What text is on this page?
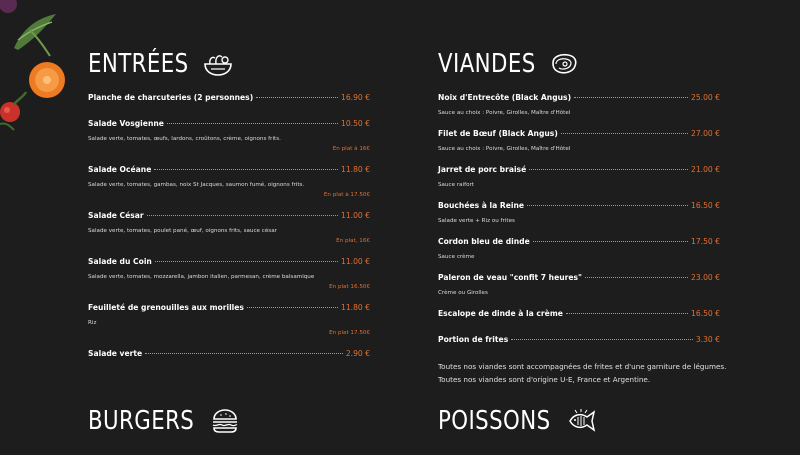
ENTRÉES
Planche de charcuteries (2 personnes)	16.90 €
Salade Vosgienne	10.50 €
Salade verte, tomates, œufs, lardons, croûtons, crème, oignons frits.
En plat à 16€
Salade Océane	11.80 €
Salade verte, tomates, gambas, noix St Jacques, saumon fumé, oignons frits.
En plat à 17.50€
Salade César	11.00 €
Salade verte, tomates, poulet pané, œuf, oignons frits, sauce césar
En plat, 16€
Salade du Coin	11.00 €
Salade verte, tomates, mozzarella, jambon italien, parmesan, crème balsamique
En plat 16.50€
Feuilleté de grenouilles aux morilles	11.80 €
Riz
En plat 17.50€
Salade verte	2.90 €
VIANDES
Noix d'Entrecôte (Black Angus)	25.00 €
Sauce au choix : Poivre, Girolles, Maître d'Hôtel
Filet de Bœuf (Black Angus)	27.00 €
Sauce au choix : Poivre, Girolles, Maître d'Hôtel
Jarret de porc braisé	21.00 €
Sauce raifort
Bouchées à la Reine	16.50 €
Salade verte + Riz ou frites
Cordon bleu de dinde	17.50 €
Sauce crème
Paleron de veau "confit 7 heures"	23.00 €
Crème ou Girolles
Escalope de dinde à la crème	16.50 €
Portion de frites	3.30 €
Toutes nos viandes sont accompagnées de frites et d'une garniture de légumes.
Toutes nos viandes sont d'origine U-E, France et Argentine.
BURGERS	POISSONS
